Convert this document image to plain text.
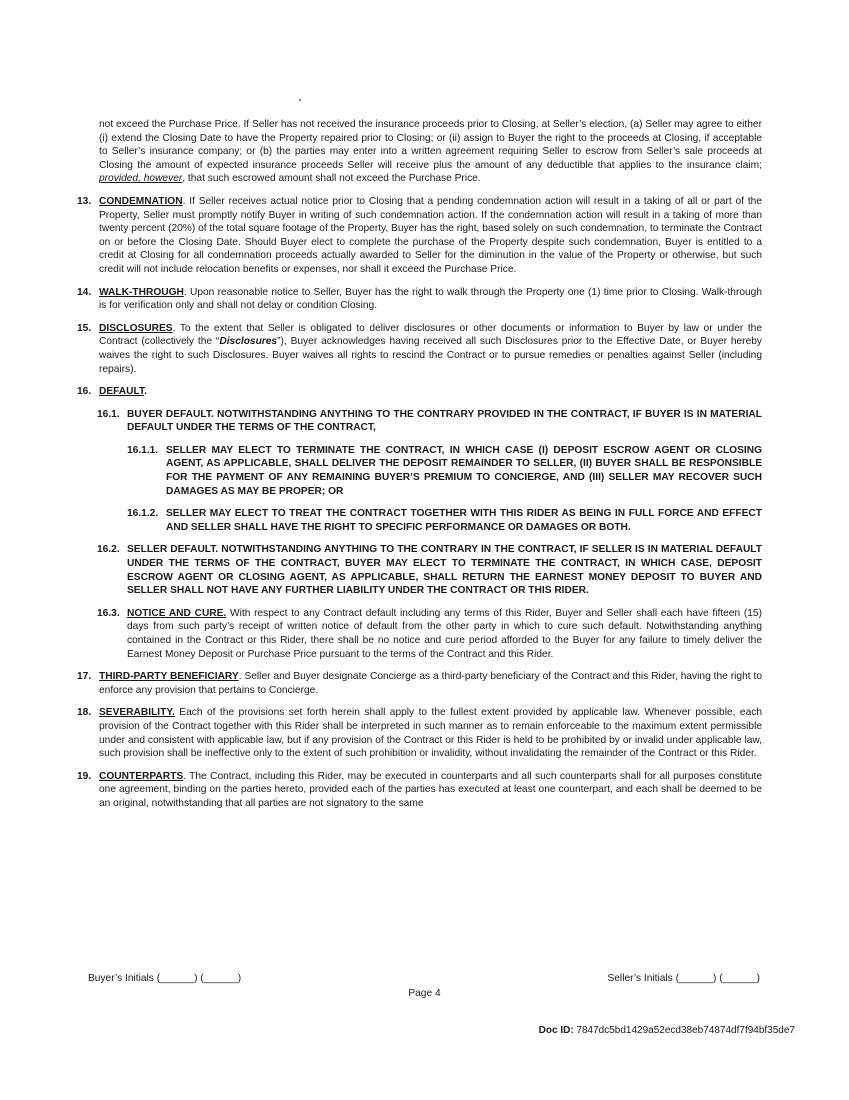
not exceed the Purchase Price. If Seller has not received the insurance proceeds prior to Closing, at Seller’s election, (a) Seller may agree to either (i) extend the Closing Date to have the Property repaired prior to Closing; or (ii) assign to Buyer the right to the proceeds at Closing, if acceptable to Seller’s insurance company; or (b) the parties may enter into a written agreement requiring Seller to escrow from Seller’s sale proceeds at Closing the amount of expected insurance proceeds Seller will receive plus the amount of any deductible that applies to the insurance claim; provided, however, that such escrowed amount shall not exceed the Purchase Price.

13. CONDEMNATION. If Seller receives actual notice prior to Closing that a pending condemnation action will result in a taking of all or part of the Property, Seller must promptly notify Buyer in writing of such condemnation action. If the condemnation action will result in a taking of more than twenty percent (20%) of the total square footage of the Property, Buyer has the right, based solely on such condemnation, to terminate the Contract on or before the Closing Date. Should Buyer elect to complete the purchase of the Property despite such condemnation, Buyer is entitled to a credit at Closing for all condemnation proceeds actually awarded to Seller for the diminution in the value of the Property or otherwise, but such credit will not include relocation benefits or expenses, nor shall it exceed the Purchase Price.
14. WALK-THROUGH. Upon reasonable notice to Seller, Buyer has the right to walk through the Property one (1) time prior to Closing. Walk-through is for verification only and shall not delay or condition Closing.
15. DISCLOSURES. To the extent that Seller is obligated to deliver disclosures or other documents or information to Buyer by law or under the Contract (collectively the “Disclosures”), Buyer acknowledges having received all such Disclosures prior to the Effective Date, or Buyer hereby waives the right to such Disclosures. Buyer waives all rights to rescind the Contract or to pursue remedies or penalties against Seller (including repairs).
16. DEFAULT.
16.1. BUYER DEFAULT. NOTWITHSTANDING ANYTHING TO THE CONTRARY PROVIDED IN THE CONTRACT, IF BUYER IS IN MATERIAL DEFAULT UNDER THE TERMS OF THE CONTRACT,
16.1.1. SELLER MAY ELECT TO TERMINATE THE CONTRACT, IN WHICH CASE (I) DEPOSIT ESCROW AGENT OR CLOSING AGENT, AS APPLICABLE, SHALL DELIVER THE DEPOSIT REMAINDER TO SELLER, (II) BUYER SHALL BE RESPONSIBLE FOR THE PAYMENT OF ANY REMAINING BUYER’S PREMIUM TO CONCIERGE, AND (III) SELLER MAY RECOVER SUCH DAMAGES AS MAY BE PROPER; OR
16.1.2. SELLER MAY ELECT TO TREAT THE CONTRACT TOGETHER WITH THIS RIDER AS BEING IN FULL FORCE AND EFFECT AND SELLER SHALL HAVE THE RIGHT TO SPECIFIC PERFORMANCE OR DAMAGES OR BOTH.
16.2. SELLER DEFAULT. NOTWITHSTANDING ANYTHING TO THE CONTRARY IN THE CONTRACT, IF SELLER IS IN MATERIAL DEFAULT UNDER THE TERMS OF THE CONTRACT, BUYER MAY ELECT TO TERMINATE THE CONTRACT, IN WHICH CASE, DEPOSIT ESCROW AGENT OR CLOSING AGENT, AS APPLICABLE, SHALL RETURN THE EARNEST MONEY DEPOSIT TO BUYER AND SELLER SHALL NOT HAVE ANY FURTHER LIABILITY UNDER THE CONTRACT OR THIS RIDER.
16.3. NOTICE AND CURE. With respect to any Contract default including any terms of this Rider, Buyer and Seller shall each have fifteen (15) days from such party’s receipt of written notice of default from the other party in which to cure such default. Notwithstanding anything contained in the Contract or this Rider, there shall be no notice and cure period afforded to the Buyer for any failure to timely deliver the Earnest Money Deposit or Purchase Price pursuant to the terms of the Contract and this Rider.
17. THIRD-PARTY BENEFICIARY. Seller and Buyer designate Concierge as a third-party beneficiary of the Contract and this Rider, having the right to enforce any provision that pertains to Concierge.
18. SEVERABILITY. Each of the provisions set forth herein shall apply to the fullest extent provided by applicable law. Whenever possible, each provision of the Contract together with this Rider shall be interpreted in such manner as to remain enforceable to the maximum extent permissible under and consistent with applicable law, but if any provision of the Contract or this Rider is held to be prohibited by or invalid under applicable law, such provision shall be ineffective only to the extent of such prohibition or invalidity, without invalidating the remainder of the Contract or this Rider.
19. COUNTERPARTS. The Contract, including this Rider, may be executed in counterparts and all such counterparts shall for all purposes constitute one agreement, binding on the parties hereto, provided each of the parties has executed at least one counterpart, and each shall be deemed to be an original, notwithstanding that all parties are not signatory to the same
Buyer’s Initials (______) (______)	Seller’s Initials (______) (______)
Page 4
Doc ID: 7847dc5bd1429a52ecd38eb74874df7f94bf35de7
